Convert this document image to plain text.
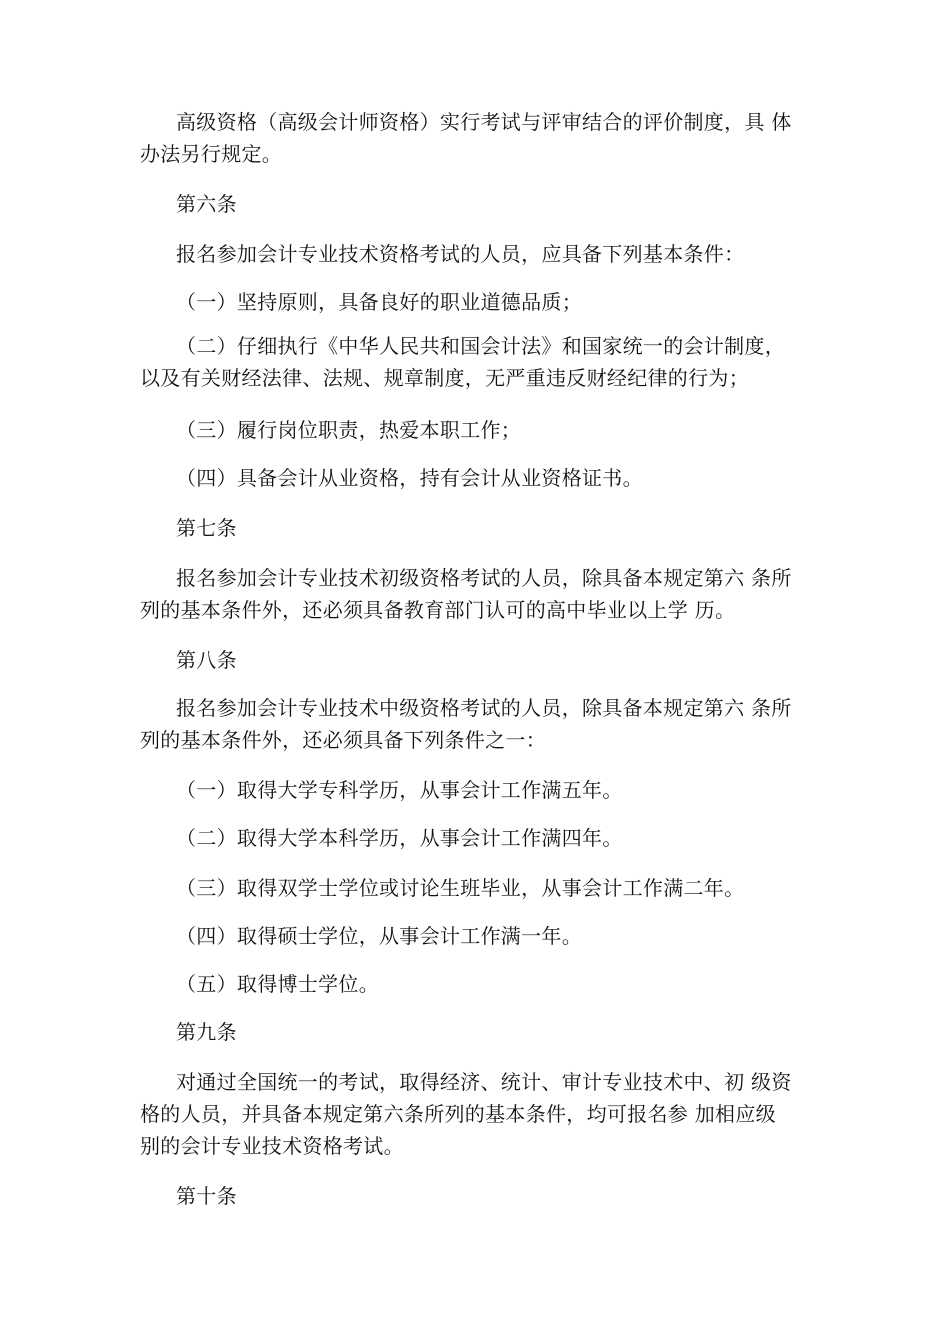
高级资格（高级会计师资格）实行考试与评审结合的评价制度，具 体
办法另行规定。

第六条

报名参加会计专业技术资格考试的人员，应具备下列基本条件：

（一）坚持原则，具备良好的职业道德品质；

（二）仔细执行《中华人民共和国会计法》和国家统一的会计制度，
以及有关财经法律、法规、规章制度，无严重违反财经纪律的行为；

（三）履行岗位职责，热爱本职工作；

（四）具备会计从业资格，持有会计从业资格证书。

第七条

报名参加会计专业技术初级资格考试的人员，除具备本规定第六 条所
列的基本条件外，还必须具备教育部门认可的高中毕业以上学 历。

第八条

报名参加会计专业技术中级资格考试的人员，除具备本规定第六 条所
列的基本条件外，还必须具备下列条件之一：

（一）取得大学专科学历，从事会计工作满五年。

（二）取得大学本科学历，从事会计工作满四年。

（三）取得双学士学位或讨论生班毕业，从事会计工作满二年。

（四）取得硕士学位，从事会计工作满一年。

（五）取得博士学位。

第九条

对通过全国统一的考试，取得经济、统计、审计专业技术中、初 级资
格的人员，并具备本规定第六条所列的基本条件，均可报名参 加相应级
别的会计专业技术资格考试。

第十条
